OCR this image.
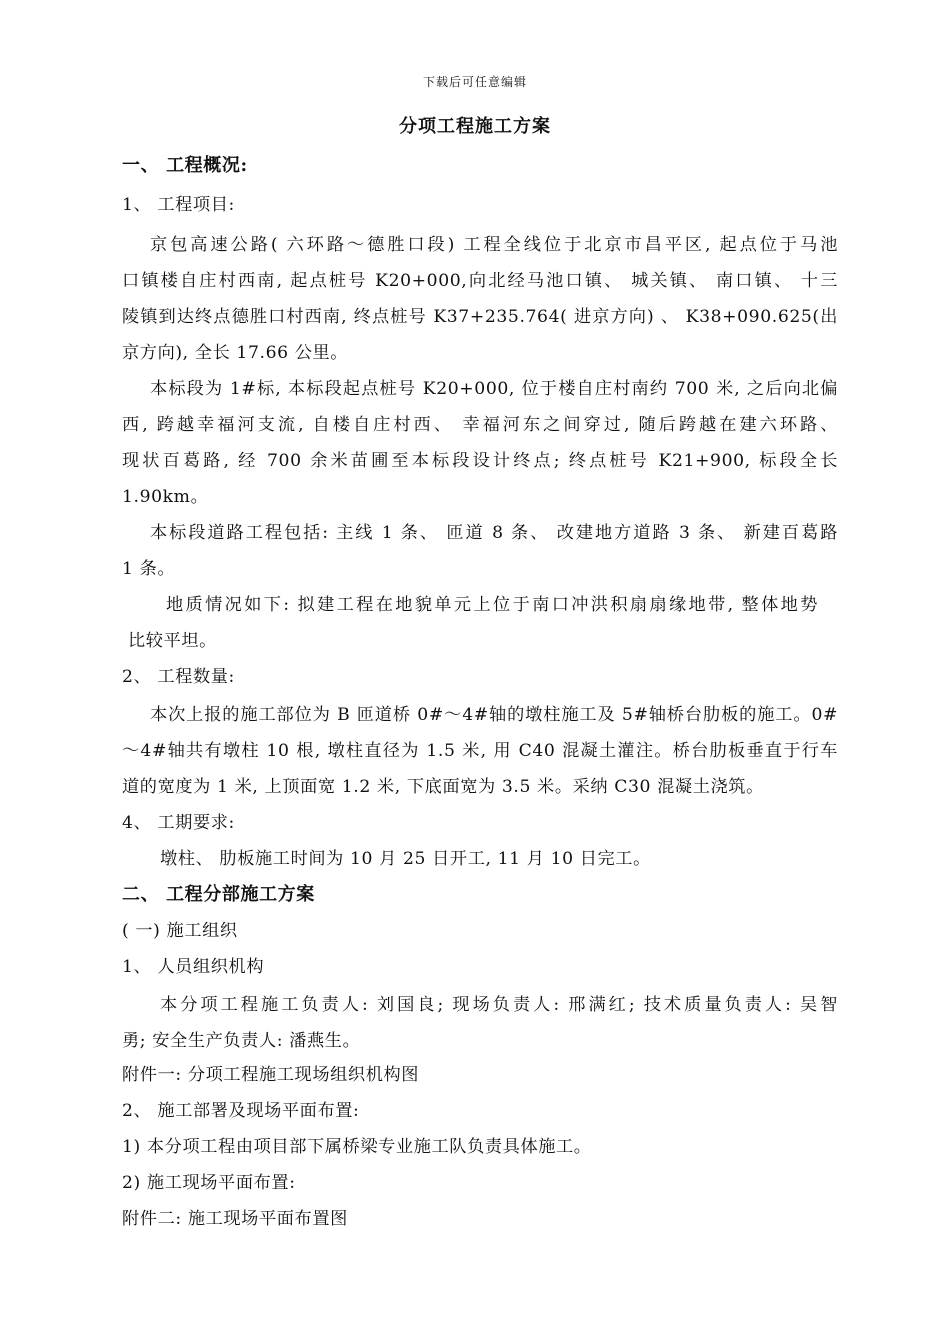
下载后可任意编辑
分项工程施工方案
一、 工程概况:
1、 工程项目:
京包高速公路( 六环路～德胜口段) 工程全线位于北京市昌平区, 起点位于马池
口镇楼自庄村西南, 起点桩号 K20+000,向北经马池口镇、 城关镇、 南口镇、 十三
陵镇到达终点德胜口村西南, 终点桩号 K37+235.764( 进京方向) 、 K38+090.625(出
京方向), 全长 17.66 公里。
本标段为 1#标, 本标段起点桩号 K20+000, 位于楼自庄村南约 700 米, 之后向北偏
西, 跨越幸福河支流, 自楼自庄村西、 幸福河东之间穿过, 随后跨越在建六环路、
现状百葛路, 经 700 余米苗圃至本标段设计终点; 终点桩号 K21+900, 标段全长
1.90km。
本标段道路工程包括: 主线 1 条、 匝道 8 条、 改建地方道路 3 条、 新建百葛路
1 条。
地质情况如下: 拟建工程在地貌单元上位于南口冲洪积扇扇缘地带, 整体地势
比较平坦。
2、 工程数量:
本次上报的施工部位为 B 匝道桥 0#～4#轴的墩柱施工及 5#轴桥台肋板的施工。0#
～4#轴共有墩柱 10 根, 墩柱直径为 1.5 米, 用 C40 混凝土灌注。桥台肋板垂直于行车
道的宽度为 1 米, 上顶面宽 1.2 米, 下底面宽为 3.5 米。采纳 C30 混凝土浇筑。
4、 工期要求:
墩柱、 肋板施工时间为 10 月 25 日开工, 11 月 10 日完工。
二、 工程分部施工方案
( 一) 施工组织
1、 人员组织机构
本分项工程施工负责人: 刘国良; 现场负责人: 邢满红; 技术质量负责人: 吴智
勇; 安全生产负责人: 潘燕生。
附件一: 分项工程施工现场组织机构图
2、 施工部署及现场平面布置:
1) 本分项工程由项目部下属桥梁专业施工队负责具体施工。
2) 施工现场平面布置:
附件二: 施工现场平面布置图
